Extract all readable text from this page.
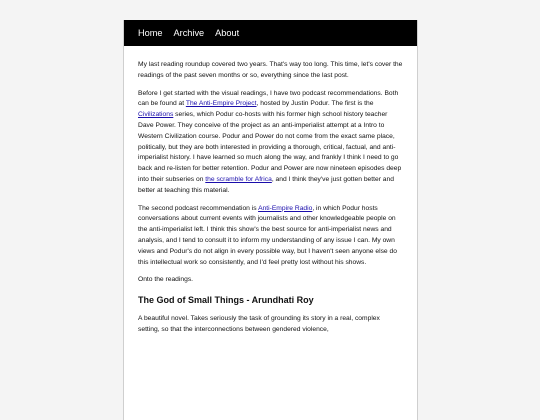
Home Archive About

My last reading roundup covered two years. That's way too long. This time, let's cover the readings of the past seven months or so, everything since the last post.

Before I get started with the visual readings, I have two podcast recommendations. Both can be found at The Anti-Empire Project, hosted by Justin Podur. The first is the Civilizations series, which Podur co-hosts with his former high school history teacher Dave Power. They conceive of the project as an anti-imperialist attempt at a Intro to Western Civilization course. Podur and Power do not come from the exact same place, politically, but they are both interested in providing a thorough, critical, factual, and anti-imperialist history. I have learned so much along the way, and frankly I think I need to go back and re-listen for better retention. Podur and Power are now nineteen episodes deep into their subseries on the scramble for Africa, and I think they've just gotten better and better at teaching this material.

The second podcast recommendation is Anti-Empire Radio, in which Podur hosts conversations about current events with journalists and other knowledgeable people on the anti-imperialist left. I think this show's the best source for anti-imperialist news and analysis, and I tend to consult it to inform my understanding of any issue I can. My own views and Podur's do not align in every possible way, but I haven't seen anyone else do this intellectual work so consistently, and I'd feel pretty lost without his shows.

Onto the readings.

The God of Small Things - Arundhati Roy

A beautiful novel. Takes seriously the task of grounding its story in a real, complex setting, so that the interconnections between gendered violence,
